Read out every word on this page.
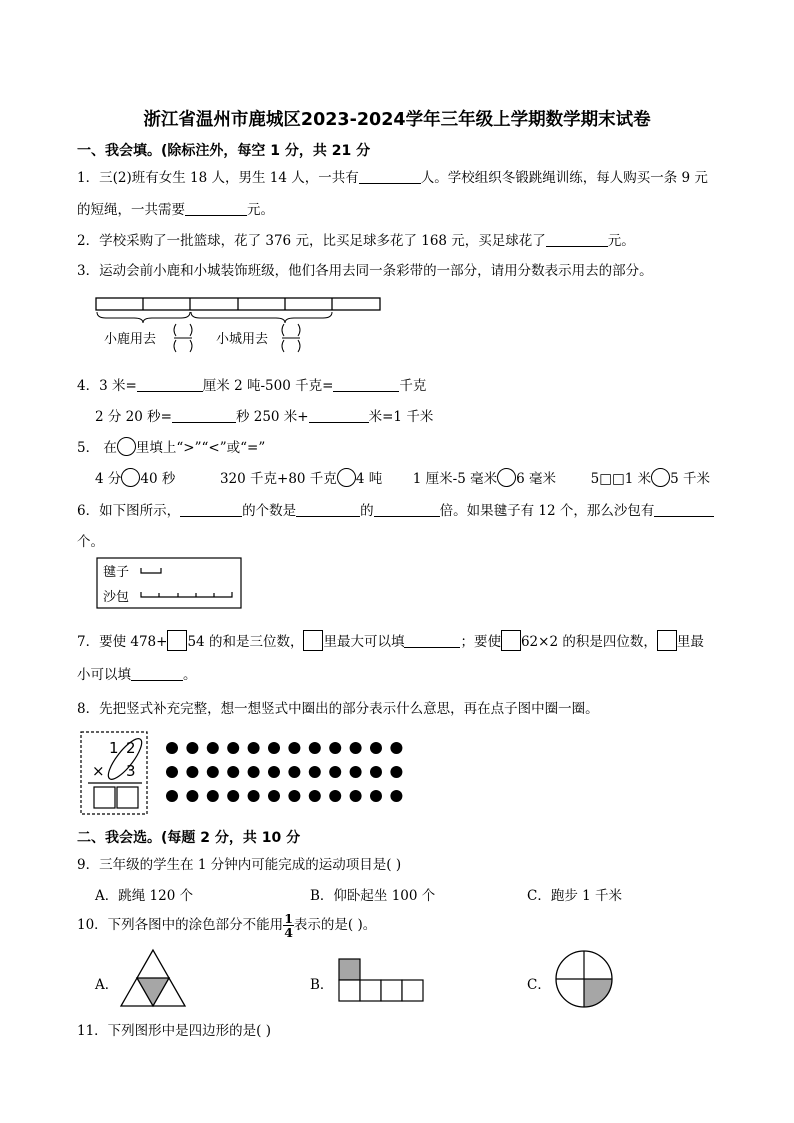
浙江省温州市鹿城区2023-2024学年三年级上学期数学期末试卷
一、我会填。(除标注外，每空 1 分，共 21 分
1．三(2)班有女生 18 人，男生 14 人，一共有	人。学校组织冬锻跳绳训练，每人购买一条 9 元
的短绳，一共需要	元。
2．学校采购了一批篮球，花了 376 元，比买足球多花了 168 元，买足球花了	元。
3．运动会前小鹿和小城装饰班级，他们各用去同一条彩带的一部分，请用分数表示用去的部分。
小鹿用去	小城用去
4．3 米=	厘米 2 吨-500 千克=	千克
2 分 20 秒=	秒 250 米+	米=1 千米
5． 在 里填上“>”“<”或“=”
4 分 40 秒	320 千克+80 千克 4 吨 1 厘米-5 毫米 6 毫米	5□□1 米 5 千米
6．如下图所示，	的个数是	的	倍。如果毽子有 12 个，那么沙包有
个。
毽子
沙包
7．要使 478+ 54 的和是三位数， 里最大可以填	；要使 62×2 的积是四位数， 里最
小可以填	。
8．先把竖式补充完整，想一想竖式中圈出的部分表示什么意思，再在点子图中圈一圈。
1 2
× 3
二、我会选。(每题 2 分，共 10 分
9．三年级的学生在 1 分钟内可能完成的运动项目是( )
A．跳绳 120 个	B．仰卧起坐 100 个	C．跑步 1 千米
10．下列各图中的涂色部分不能用 $\frac{1}{4}$ 表示的是( )。
A．	B．	C．
11．下列图形中是四边形的是( )
